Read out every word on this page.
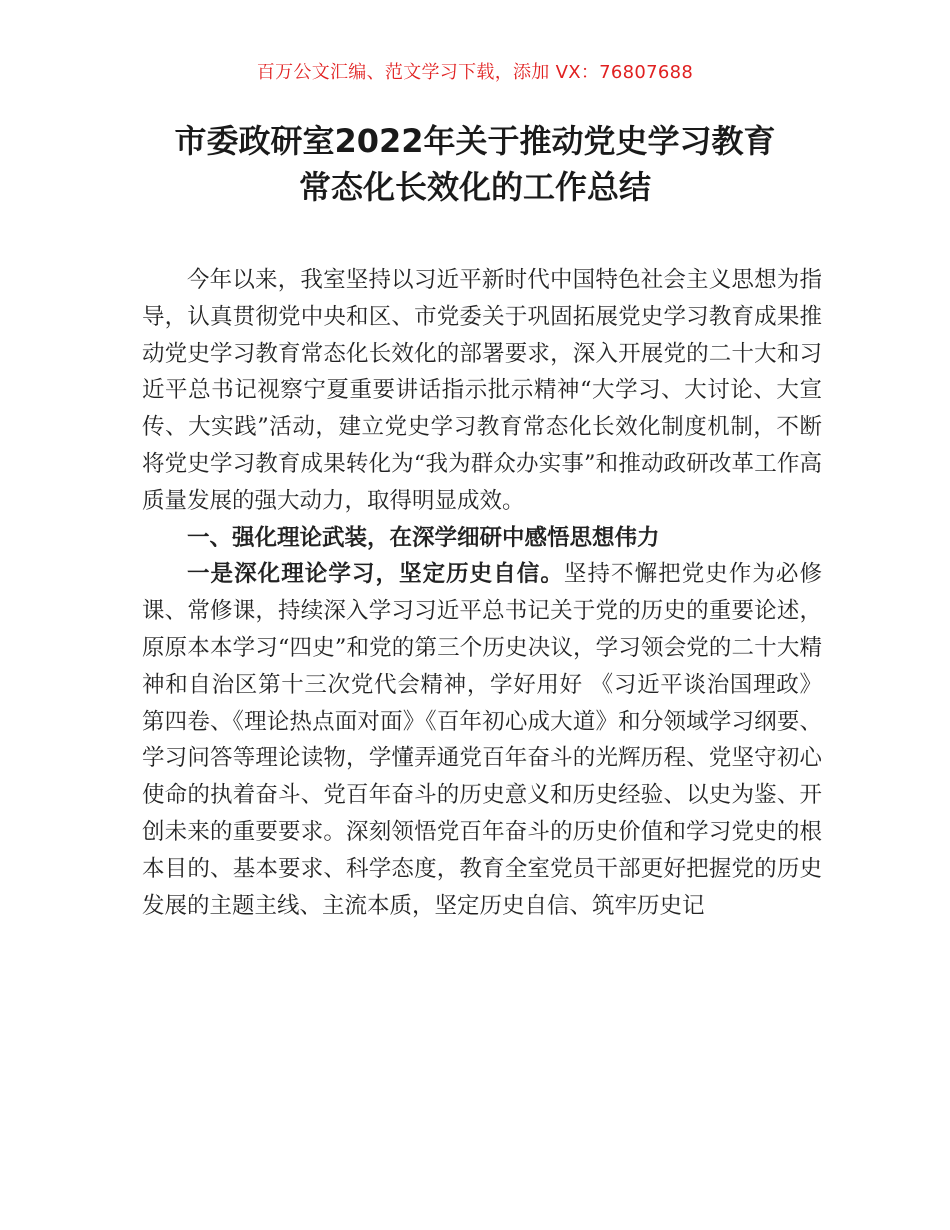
百万公文汇编、范文学习下载，添加 VX：76807688
市委政研室2022年关于推动党史学习教育
常态化长效化的工作总结

今年以来，我室坚持以习近平新时代中国特色社会主义思想为指导，认真贯彻党中央和区、市党委关于巩固拓展党史学习教育成果推动党史学习教育常态化长效化的部署要求，深入开展党的二十大和习近平总书记视察宁夏重要讲话指示批示精神“大学习、大讨论、大宣传、大实践”活动，建立党史学习教育常态化长效化制度机制，不断将党史学习教育成果转化为“我为群众办实事”和推动政研改革工作高质量发展的强大动力，取得明显成效。

一、强化理论武装，在深学细研中感悟思想伟力

一是深化理论学习，坚定历史自信。坚持不懈把党史作为必修课、常修课，持续深入学习习近平总书记关于党的历史的重要论述，原原本本学习“四史”和党的第三个历史决议，学习领会党的二十大精神和自治区第十三次党代会精神，学好用好 《习近平谈治国理政》第四卷、《理论热点面对面》《百年初心成大道》和分领域学习纲要、学习问答等理论读物，学懂弄通党百年奋斗的光辉历程、党坚守初心使命的执着奋斗、党百年奋斗的历史意义和历史经验、以史为鉴、开创未来的重要要求。深刻领悟党百年奋斗的历史价值和学习党史的根本目的、基本要求、科学态度，教育全室党员干部更好把握党的历史发展的主题主线、主流本质，坚定历史自信、筑牢历史记
